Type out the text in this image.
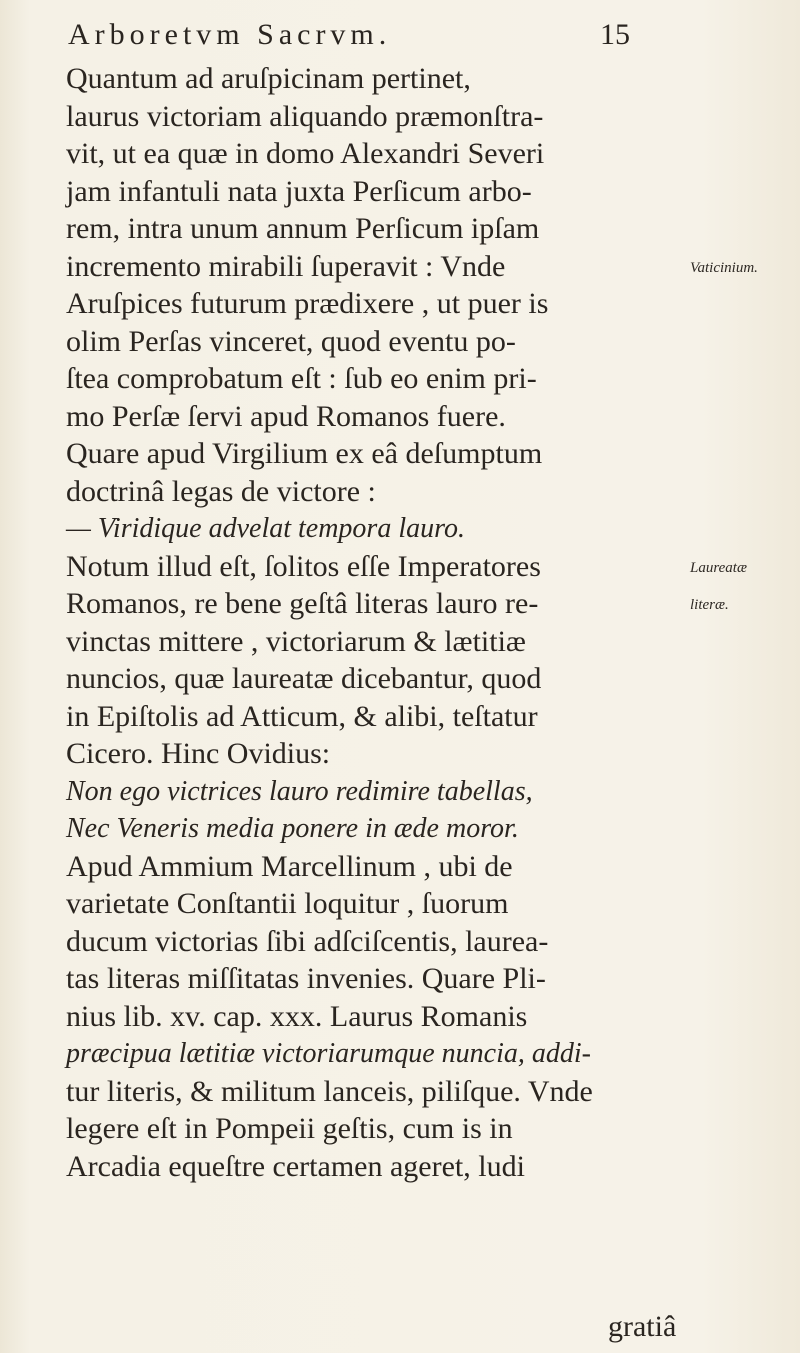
Arboretvm Sacrvm.	15
Quantum ad aruſpicinam pertinet,
laurus victoriam aliquando præmonſtra-
vit, ut ea quæ in domo Alexandri Severi
jam infantuli nata juxta Perſicum arbo-
rem, intra unum annum Perſicum ipſam
incremento mirabili ſuperavit : Vnde
Aruſpices futurum prædixere , ut puer is
olim Perſas vinceret, quod eventu po-
ſtea comprobatum eſt : ſub eo enim pri-
mo Perſæ ſervi apud Romanos fuere.
Quare apud Virgilium ex eâ deſumptum
doctrinâ legas de victore :
— Viridique advelat tempora lauro.
Notum illud eſt, ſolitos eſſe Imperatores
Romanos, re bene geſtâ literas lauro re-
vinctas mittere , victoriarum & lætitiæ
nuncios, quæ laureatæ dicebantur, quod
in Epiſtolis ad Atticum, & alibi, teſtatur
Cicero. Hinc Ovidius:
Non ego victrices lauro redimire tabellas,
Nec Veneris media ponere in æde moror.
Apud Ammium Marcellinum , ubi de
varietate Conſtantii loquitur , ſuorum
ducum victorias ſibi adſciſcentis, laurea-
tas literas miſſitatas invenies. Quare Pli-
nius lib. xv. cap. xxx. Laurus Romanis
præcipua lætitiæ victoriarumque nuncia, addi-
tur literis, & militum lanceis, piliſque. Vnde
legere eſt in Pompeii geſtis, cum is in
Arcadia equeſtre certamen ageret, ludi
Vaticinium.
Laureatæ
literæ.
gratiâ
